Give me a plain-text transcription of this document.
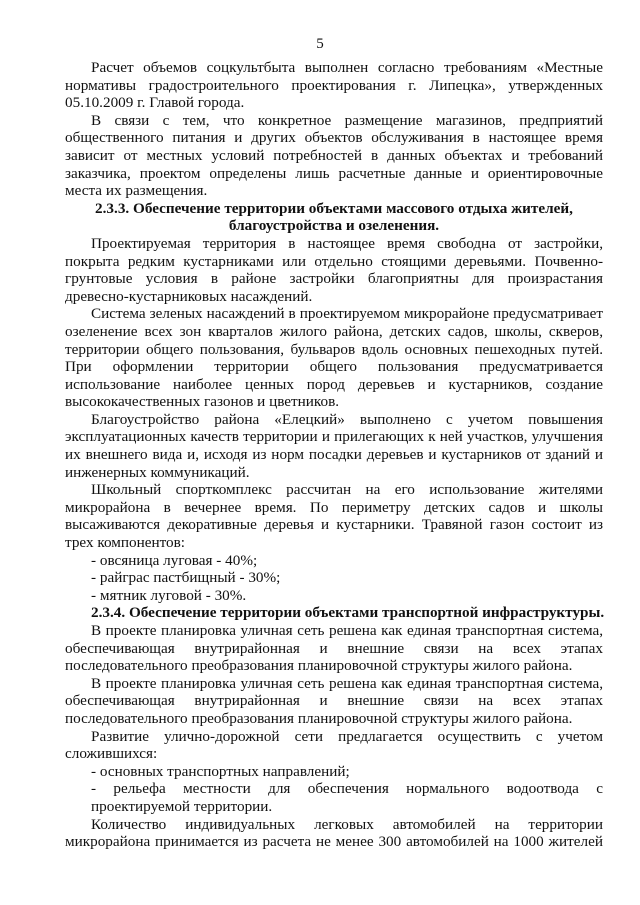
5

Расчет объемов соцкультбыта выполнен согласно требованиям «Местные нормативы градостроительного проектирования г. Липецка», утвержденных 05.10.2009 г. Главой города.

В связи с тем, что конкретное размещение магазинов, предприятий общественного питания и других объектов обслуживания в настоящее время зависит от местных условий потребностей в данных объектах и требований заказчика, проектом определены лишь расчетные данные и ориентировочные места их размещения.

2.3.3. Обеспечение территории объектами массового отдыха жителей, благоустройства и озеленения.

Проектируемая территория в настоящее время свободна от застройки, покрыта редким кустарниками или отдельно стоящими деревьями. Почвенно-грунтовые условия в районе застройки благоприятны для произрастания древесно-кустарниковых насаждений.

Система зеленых насаждений в проектируемом микрорайоне предусматривает озеленение всех зон кварталов жилого района, детских садов, школы, скверов, территории общего пользования, бульваров вдоль основных пешеходных путей. При оформлении территории общего пользования предусматривается использование наиболее ценных пород деревьев и кустарников, создание высококачественных газонов и цветников.

Благоустройство района «Елецкий» выполнено с учетом повышения эксплуатационных качеств территории и прилегающих к ней участков, улучшения их внешнего вида и, исходя из норм посадки деревьев и кустарников от зданий и инженерных коммуникаций.

Школьный спорткомплекс рассчитан на его использование жителями микрорайона в вечернее время. По периметру детских садов и школы высаживаются декоративные деревья и кустарники. Травяной газон состоит из трех компонентов:

- овсяница луговая - 40%;

- райграс пастбищный - 30%;

- мятник луговой - 30%.

2.3.4. Обеспечение территории объектами транспортной инфраструктуры.

В проекте планировка уличная сеть решена как единая транспортная система, обеспечивающая внутрирайонная и внешние связи на всех этапах последовательного преобразования планировочной структуры жилого района.

В проекте планировка уличная сеть решена как единая транспортная система, обеспечивающая внутрирайонная и внешние связи на всех этапах последовательного преобразования планировочной структуры жилого района.

Развитие улично-дорожной сети предлагается осуществить с учетом сложившихся:

- основных транспортных направлений;

- рельефа местности для обеспечения нормального водоотвода с проектируемой территории.

Количество индивидуальных легковых автомобилей на территории микрорайона принимается из расчета не менее 300 автомобилей на 1000 жителей
